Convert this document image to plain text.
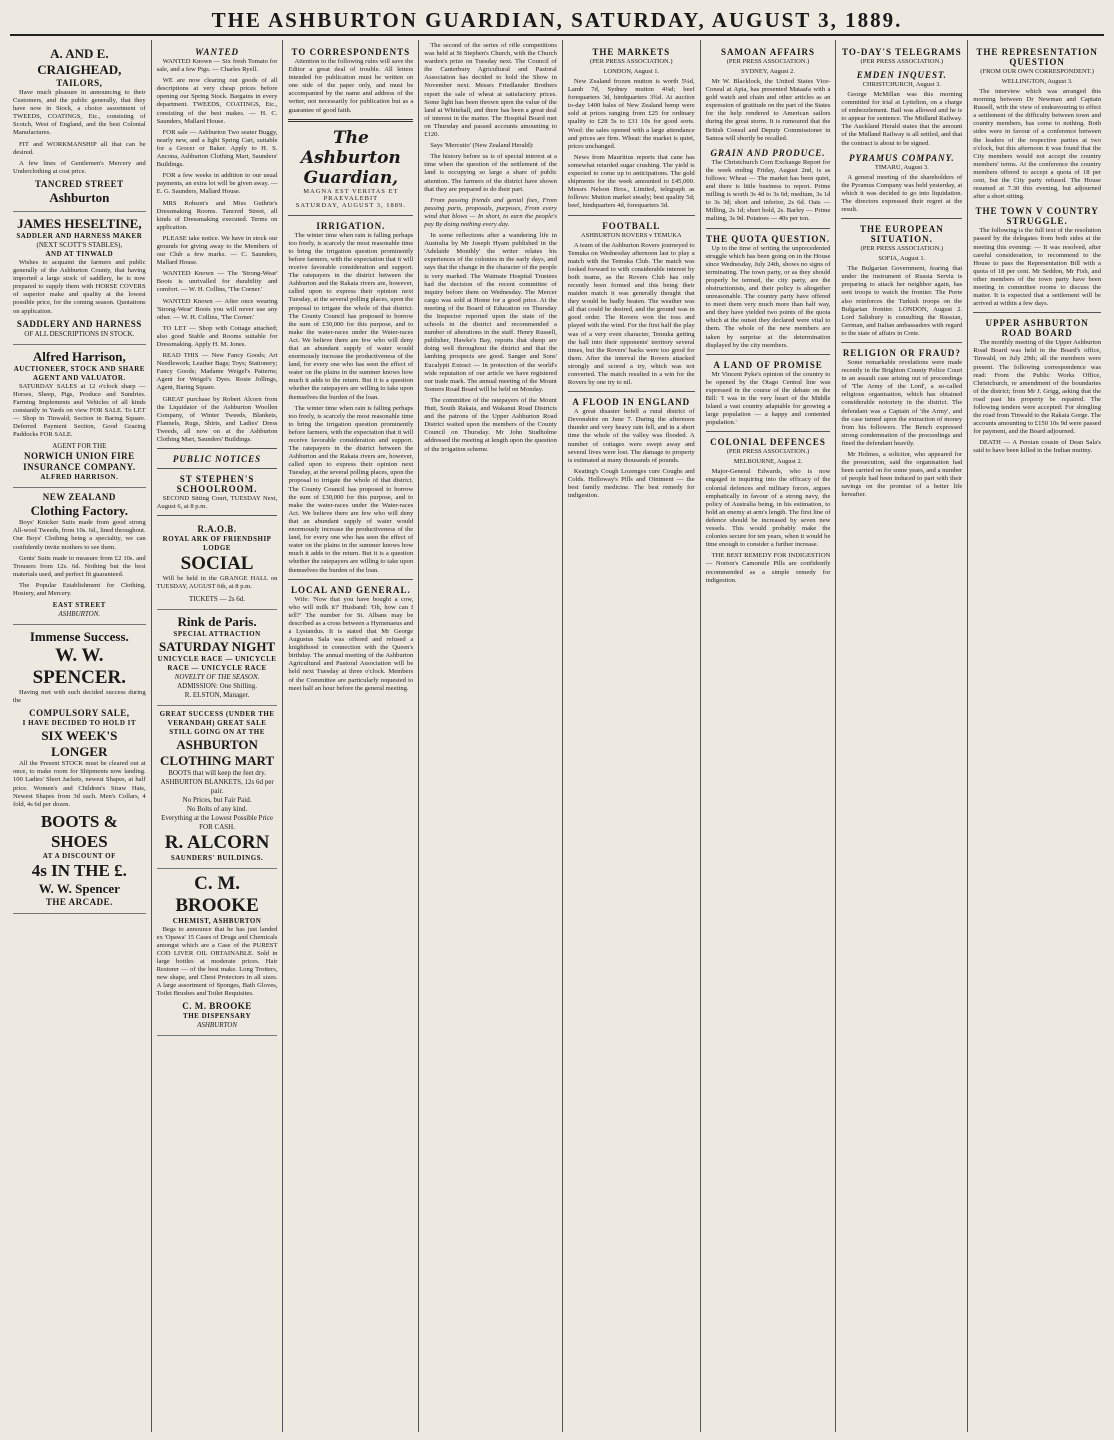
THE ASHBURTON GUARDIAN, SATURDAY, AUGUST 3, 1889.
A. AND E. CRAIGHEAD,
TAILORS,
Have much pleasure in announcing to their Customers, and the public generally, that they have now in Stock, a choice assortment of TWEEDS, COATINGS, Etc., consisting of Scotch, West of England, and the best Colonial Manufactures.
FIT and WORKMANSHIP all that can be desired.
A few lines of Gentlemen's Mercery and Underclothing at cost price.
TANCRED STREET
Ashburton
JAMES HESELTINE,
SADDLER AND HARNESS MAKER
(NEXT SCOTT'S STABLES),
AND AT TINWALD
Wishes to acquaint the farmers and public generally of the Ashburton County, that having imported a large stock of saddlery, he is now prepared to supply them with HORSE COVERS of superior make and quality at the lowest possible price, for the coming season. Quotations on application.
SADDLERY AND HARNESS
OF ALL DESCRIPTIONS IN STOCK.
Alfred Harrison,
AUCTIONEER, STOCK AND SHARE AGENT AND VALUATOR.
SATURDAY SALES at 12 o'clock sharp — Horses, Sheep, Pigs, Produce and Sundries. Farming Implements and Vehicles of all kinds constantly in Yards on view FOR SALE. To LET — Shop in Tinwald; Section in Baring Square. Deferred Payment Section, Good Grazing Paddocks FOR SALE.
AGENT FOR THE
NORWICH UNION FIRE INSURANCE COMPANY.
ALFRED HARRISON.
NEW ZEALAND
Clothing Factory.
Boys' Knicker Suits made from good strong All-wool Tweeds, from 10s. 6d., lined throughout. Our Boys' Clothing being a speciality, we can confidently invite mothers to see them.
Gents' Suits made to measure from £2 10s. and Trousers from 12s. 6d. Nothing but the best materials used, and perfect fit guaranteed.
The Popular Establishment for Clothing, Hosiery, and Mercery.
EAST STREET
ASHBURTON.
Immense Success.
W. W. SPENCER.
Having met with such decided success during the
COMPULSORY SALE,
I HAVE DECIDED TO HOLD IT
SIX WEEK'S LONGER
All the Present STOCK must be cleared out at once, to make room for Shipments now landing. 100 Ladies' Short Jackets, newest Shapes, at half price. Women's and Children's Straw Hats, Newest Shapes from 3d each. Men's Collars, 4 fold, 4s 6d per dozen.
BOOTS & SHOES
AT A DISCOUNT OF
4s IN THE £.
W. W. Spencer
THE ARCADE.
WANTED
WANTED Known — Six fresh Tomato for sale, and a few Pigs. — Charles Ryell.
WE are now clearing out goods of all descriptions at very cheap prices before opening our Spring Stock. Bargains in every department. TWEEDS, COATINGS, Etc., consisting of the best makes. — H. C. Saunders, Mallard House.
FOR sale — Ashburton Two seater Buggy, nearly new, and a light Spring Cart, suitable for a Grocer or Baker. Apply to H. S. Ancona, Ashburton Clothing Mart, Saunders' Buildings.
FOR a few weeks in addition to our usual payments, an extra lot will be given away. — E. G. Saunders, Mallard House.
MRS Robson's and Miss Guthrie's Dressmaking Rooms. Tancred Street, all kinds of Dressmaking executed. Terms on application.
PLEASE take notice. We have in stock our grounds for giving away to the Members of our Club a few marks. — C. Saunders, Mallard House.
WANTED Known — The 'Strong-Wear' Boots is unrivalled for durability and comfort. — W. H. Collins, 'The Corner.'
WANTED Known — After once wearing 'Strong-Wear' Boots you will never use any other. — W. H. Collins, 'The Corner.'
TO LET — Shop with Cottage attached; also good Stable and Rooms suitable for Dressmaking. Apply H. M. Jones.
READ THIS — New Fancy Goods; Art Needlework; Leather Bags; Toys; Stationery; Fancy Goods; Madame Weigel's Patterns; Agent for Weigel's Dyes. Rosie Jollings, Agent, Baring Square.
GREAT purchase by Robert Alcorn from the Liquidator of the Ashburton Woollen Company, of Winter Tweeds, Blankets, Flannels, Rugs, Shirts, and Ladies' Dress Tweeds, all now on at the Ashburton Clothing Mart, Saunders' Buildings.
PUBLIC NOTICES
ST STEPHEN'S SCHOOLROOM.
SECOND Sitting Court, TUESDAY Next, August 6, at 8 p.m.
R.A.O.B.
ROYAL ARK OF FRIENDSHIP LODGE
SOCIAL
Will be held in the GRANGE HALL on TUESDAY, AUGUST 6th, at 8 p.m.
TICKETS — 2s 6d.
Rink de Paris.
SPECIAL ATTRACTION
SATURDAY NIGHT
UNICYCLE RACE — UNICYCLE RACE — UNICYCLE RACE
NOVELTY OF THE SEASON.
ADMISSION: One Shilling.
R. ELSTON, Manager.
GREAT SUCCESS (UNDER THE VERANDAH) GREAT SALE STILL GOING ON AT THE
ASHBURTON CLOTHING MART
BOOTS that will keep the feet dry.
ASHBURTON BLANKETS, 12s 6d per pair.
No Prices, but Fair Paid.
No Bolts of any kind.
Everything at the Lowest Possible Price FOR CASH.
R. ALCORN
SAUNDERS' BUILDINGS.
C. M. BROOKE
CHEMIST, ASHBURTON
Begs to announce that he has just landed ex 'Opawa' 15 Cases of Drugs and Chemicals amongst which are a Case of the PUREST COD LIVER OIL OBTAINABLE. Sold in large bottles at moderate prices. Hair Restorer — of the best make. Long Trotters, new shape, and Chest Protectors in all sizes. A large assortment of Sponges, Bath Gloves, Toilet Brushes and Toilet Requisites.
C. M. BROOKE
THE DISPENSARY
ASHBURTON
TO CORRESPONDENTS
Attention to the following rules will save the Editor a great deal of trouble. All letters intended for publication must be written on one side of the paper only, and must be accompanied by the name and address of the writer, not necessarily for publication but as a guarantee of good faith.
The Ashburton Guardian,
MAGNA EST VERITAS ET PRAEVALEBIT
SATURDAY, AUGUST 3, 1889.
IRRIGATION.
The winter time when rain is falling perhaps too freely, is scarcely the most reasonable time to bring the irrigation question prominently before farmers, with the expectation that it will receive favorable consideration and support. The ratepayers in the district between the Ashburton and the Rakaia rivers are, however, called upon to express their opinion next Tuesday, at the several polling places, upon the proposal to irrigate the whole of that district. The County Council has proposed to borrow the sum of £30,000 for this purpose, and to make the water-races under the Water-races Act. We believe there are few who will deny that an abundant supply of water would enormously increase the productiveness of the land, for every one who has seen the effect of water on the plains in the summer knows how much it adds to the return. But it is a question whether the ratepayers are willing to take upon themselves the burden of the loan.
The winter time when rain is falling perhaps too freely, is scarcely the most reasonable time to bring the irrigation question prominently before farmers, with the expectation that it will receive favorable consideration and support. The ratepayers in the district between the Ashburton and the Rakaia rivers are, however, called upon to express their opinion next Tuesday, at the several polling places, upon the proposal to irrigate the whole of that district. The County Council has proposed to borrow the sum of £30,000 for this purpose, and to make the water-races under the Water-races Act. We believe there are few who will deny that an abundant supply of water would enormously increase the productiveness of the land, for every one who has seen the effect of water on the plains in the summer knows how much it adds to the return. But it is a question whether the ratepayers are willing to take upon themselves the burden of the loan.
LOCAL AND GENERAL.
Wife: 'Now that you have bought a cow, who will milk it?' Husband: 'Oh, how can I tell?' The number for St. Albans may be described as a cross between a Hymenaeus and a Lysiandus. It is stated that Mr George Augustus Sala was offered and refused a knighthood in connection with the Queen's birthday. The annual meeting of the Ashburton Agricultural and Pastoral Association will be held next Tuesday at three o'clock. Members of the Committee are particularly requested to meet half an hour before the general meeting.
The second of the series of rifle competitions was held at St Stephen's Church, with the Church warden's prize on Tuesday next. The Council of the Canterbury Agricultural and Pastoral Association has decided to hold the Show in November next. Messrs Friedlander Brothers report the sale of wheat at satisfactory prices. Some light has been thrown upon the value of the land at Whitehall, and there has been a great deal of interest in the matter. The Hospital Board met on Thursday and passed accounts amounting to £120.
Says 'Mercutio' (New Zealand Herald):
The history before us is of special interest at a time when the question of the settlement of the land is occupying so large a share of public attention. The farmers of the district have shown that they are prepared to do their part.
From passing friends and genial foes, From passing parts, proposals, purposes, From every wind that blows — In short, to earn the people's pay By doing nothing every day.
In some reflections after a wandering life in Australia by Mr Joseph Hyam published in the 'Adelaide Monthly' the writer relates his experiences of the colonies in the early days, and says that the change in the character of the people is very marked. The Waimate Hospital Trustees had the decision of the recent committee of inquiry before them on Wednesday. The Mercer cargo was sold at Home for a good price. At the meeting of the Board of Education on Thursday the Inspector reported upon the state of the schools in the district and recommended a number of alterations in the staff. Henry Russell, publisher, Hawke's Bay, reports that sheep are doing well throughout the district and that the lambing prospects are good. Sanger and Sons' Eucalypti Extract — In protection of the world's wide reputation of our article we have registered our trade mark. The annual meeting of the Mount Somers Road Board will be held on Monday.
The committee of the ratepayers of the Mount Hutt, South Rakaia, and Wakanui Road Districts and the patrons of the Upper Ashburton Road District waited upon the members of the County Council on Thursday. Mr John Studholme addressed the meeting at length upon the question of the irrigation scheme.
THE MARKETS
(PER PRESS ASSOCIATION.)
LONDON, August 1.
New Zealand frozen mutton is worth 5¼d, Lamb 7d, Sydney mutton 4¼d; beef forequarters 3d, hindquarters 3¾d. At auction to-day 1400 bales of New Zealand hemp were sold at prices ranging from £25 for ordinary quality to £28 5s to £31 10s for good sorts. Wool: the sales opened with a large attendance and prices are firm. Wheat: the market is quiet, prices unchanged.
News from Mauritius reports that cane has somewhat retarded sugar crushing. The yield is expected to come up to anticipations. The gold shipments for the week amounted to £45,000. Messrs Nelson Bros., Limited, telegraph as follows: Mutton market steady; best quality 5d; beef, hindquarters 4d, forequarters 3d.
FOOTBALL
ASHBURTON ROVERS v TEMUKA
A team of the Ashburton Rovers journeyed to Temuka on Wednesday afternoon last to play a match with the Temuka Club. The match was looked forward to with considerable interest by both teams, as the Rovers Club has only recently been formed and this being their maiden match it was generally thought that they would be badly beaten. The weather was all that could be desired, and the ground was in good order. The Rovers won the toss and played with the wind. For the first half the play was of a very even character, Temuka getting the ball into their opponents' territory several times, but the Rovers' backs were too good for them. After the interval the Rovers attacked strongly and scored a try, which was not converted. The match resulted in a win for the Rovers by one try to nil.
A FLOOD IN ENGLAND
A great disaster befell a rural district of Devonshire on June 7. During the afternoon thunder and very heavy rain fell, and in a short time the whole of the valley was flooded. A number of cottages were swept away and several lives were lost. The damage to property is estimated at many thousands of pounds.
Keating's Cough Lozenges cure Coughs and Colds. Holloway's Pills and Ointment — the best family medicine. The best remedy for indigestion.
SAMOAN AFFAIRS
(PER PRESS ASSOCIATION.)
SYDNEY, August 2.
Mr W. Blacklock, the United States Vice-Consul at Apia, has presented Mataafa with a gold watch and chain and other articles as an expression of gratitude on the part of the States for the help rendered to American sailors during the great storm. It is rumoured that the British Consul and Deputy Commissioner in Samoa will shortly be recalled.
GRAIN AND PRODUCE.
The Christchurch Corn Exchange Report for the week ending Friday, August 2nd, is as follows: Wheat — The market has been quiet, and there is little business to report. Prime milling is worth 3s 4d to 3s 6d; medium, 3s 1d to 3s 3d; short and inferior, 2s 6d. Oats — Milling, 2s 1d; short bold, 2s. Barley — Prime malting, 3s 9d. Potatoes — 40s per ton.
THE QUOTA QUESTION.
Up to the time of writing the unprecedented struggle which has been going on in the House since Wednesday, July 24th, shows no signs of terminating. The town party, or as they should properly be termed, the city party, are the obstructionists, and their policy is altogether unreasonable. The country party have offered to meet them very much more than half way, and they have yielded two points of the quota which at the outset they declared were vital to them. The whole of the new members are taken by surprise at the determination displayed by the city members.
A LAND OF PROMISE
Mr Vincent Pyke's opinion of the country to be opened by the Otago Central line was expressed in the course of the debate on the Bill: 'I was in the very heart of the Middle Island a vast country adaptable for growing a large population — a happy and contented population.'
COLONIAL DEFENCES
(PER PRESS ASSOCIATION.)
MELBOURNE, August 2.
Major-General Edwards, who is now engaged in inquiring into the efficacy of the colonial defences and military forces, argues emphatically in favour of a strong navy, the policy of Australia being, in his estimation, to hold an enemy at arm's length. The first line of defence should be increased by seven new vessels. This would probably make the colonies secure for ten years, when it would be time enough to consider a further increase.
THE BEST REMEDY FOR INDIGESTION — Norton's Camomile Pills are confidently recommended as a simple remedy for indigestion.
TO-DAY'S TELEGRAMS
(PER PRESS ASSOCIATION.)
EMDEN INQUEST.
CHRISTCHURCH, August 3.
George McMillan was this morning committed for trial at Lyttelton, on a charge of embezzlement. Bail was allowed and he is to appear for sentence. The Midland Railway. The Auckland Herald states that the amount of the Midland Railway is all settled, and that the contract is about to be signed.
PYRAMUS COMPANY.
TIMARU, August 3.
A general meeting of the shareholders of the Pyramus Company was held yesterday, at which it was decided to go into liquidation. The directors expressed their regret at the result.
THE EUROPEAN SITUATION.
(PER PRESS ASSOCIATION.)
SOFIA, August 1.
The Bulgarian Government, fearing that under the instrument of Russia Servia is preparing to attack her neighbor again, has sent troops to watch the frontier. The Porte also reinforces the Turkish troops on the Bulgarian frontier. LONDON, August 2. Lord Salisbury is consulting the Russian, German, and Italian ambassadors with regard to the state of affairs in Crete.
RELIGION OR FRAUD?
Some remarkable revelations were made recently in the Brighton County Police Court in an assault case arising out of proceedings of 'The Army of the Lord', a so-called religious organisation, which has obtained considerable notoriety in the district. The defendant was a Captain of 'the Army', and the case turned upon the extraction of money from his followers. The Bench expressed strong condemnation of the proceedings and fined the defendant heavily.
Mr Holmes, a solicitor, who appeared for the prosecution, said the organisation had been carried on for some years, and a number of people had been induced to part with their savings on the promise of a better life hereafter.
THE REPRESENTATION QUESTION
(FROM OUR OWN CORRESPONDENT.)
WELLINGTON, August 3.
The interview which was arranged this morning between Dr Newman and Captain Russell, with the view of endeavouring to effect a settlement of the difficulty between town and country members, has come to nothing. Both sides were in favour of a conference between the leaders of the respective parties at two o'clock, but this afternoon it was found that the City members would not accept the country members' terms. At the conference the country members offered to accept a quota of 18 per cent, but the City party refused. The House resumed at 7.30 this evening, but adjourned after a short sitting.
THE TOWN V COUNTRY STRUGGLE.
The following is the full text of the resolution passed by the delegates from both sides at the meeting this evening: — It was resolved, after careful consideration, to recommend to the House to pass the Representation Bill with a quota of 18 per cent. Mr Seddon, Mr Fish, and other members of the town party have been meeting in committee rooms to discuss the matter. It is expected that a settlement will be arrived at within a few days.
UPPER ASHBURTON ROAD BOARD
The monthly meeting of the Upper Ashburton Road Board was held in the Board's office, Tinwald, on July 29th; all the members were present. The following correspondence was read: From the Public Works Office, Christchurch, re amendment of the boundaries of the district; from Mr J. Grigg, asking that the road past his property be repaired. The following tenders were accepted: For shingling the road from Tinwald to the Rakaia Gorge. The accounts amounting to £150 10s 9d were passed for payment, and the Board adjourned.
DEATH — A Persian cousin of Dean Sala's said to have been killed in the Indian mutiny.
